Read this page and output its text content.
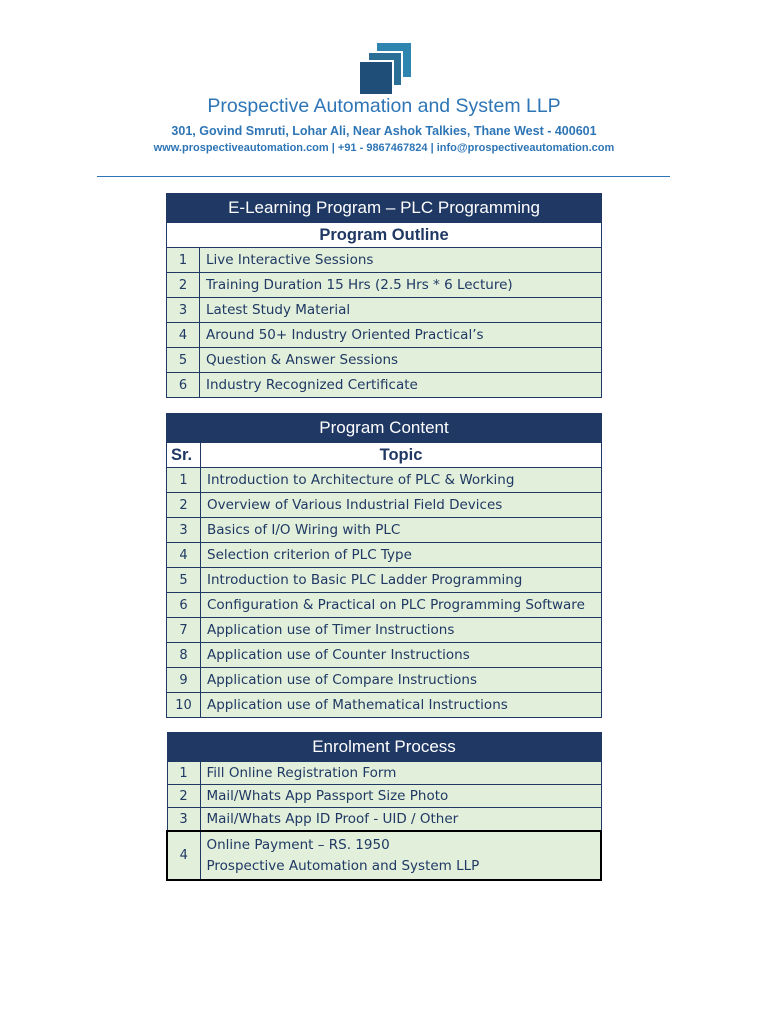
Prospective Automation and System LLP
301, Govind Smruti, Lohar Ali, Near Ashok Talkies, Thane West - 400601
www.prospectiveautomation.com | +91 - 9867467824 | info@prospectiveautomation.com
E-Learning Program – PLC Programming	
Program Outline	
1	Live Interactive Sessions
2	Training Duration 15 Hrs (2.5 Hrs * 6 Lecture)
3	Latest Study Material
4	Around 50+ Industry Oriented Practical’s
5	Question & Answer Sessions
6	Industry Recognized Certificate
Program Content	
Sr.	Topic
1	Introduction to Architecture of PLC & Working
2	Overview of Various Industrial Field Devices
3	Basics of I/O Wiring with PLC
4	Selection criterion of PLC Type
5	Introduction to Basic PLC Ladder Programming
6	Configuration & Practical on PLC Programming Software
7	Application use of Timer Instructions
8	Application use of Counter Instructions
9	Application use of Compare Instructions
10	Application use of Mathematical Instructions
Enrolment Process	
1	Fill Online Registration Form
2	Mail/Whats App Passport Size Photo
3	Mail/Whats App ID Proof - UID / Other
4	Online Payment – RS. 1950
Prospective Automation and System LLP
